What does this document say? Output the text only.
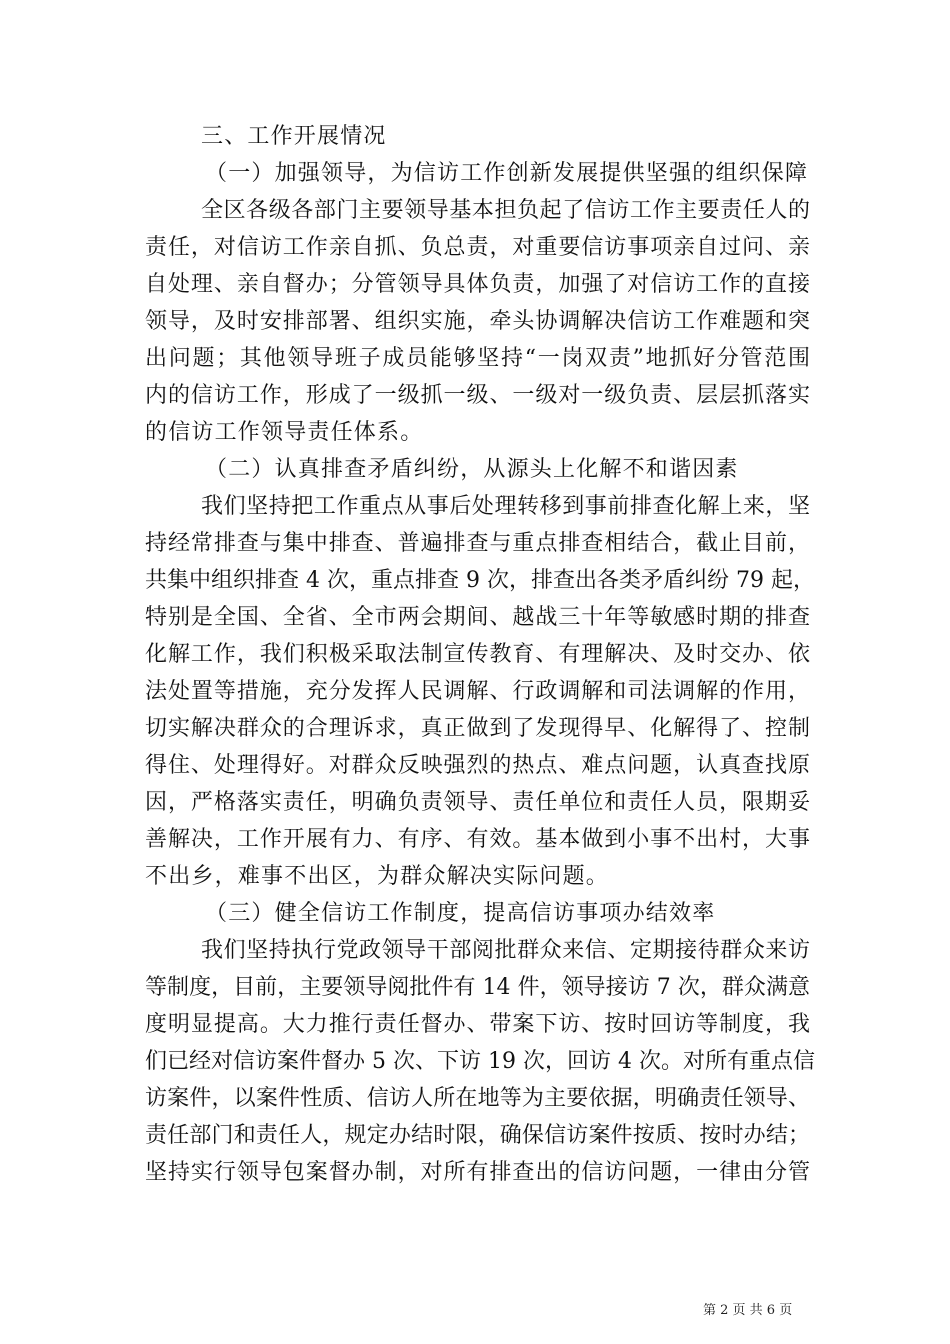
三、工作开展情况
（一）加强领导，为信访工作创新发展提供坚强的组织保障
全区各级各部门主要领导基本担负起了信访工作主要责任人的
责任，对信访工作亲自抓、负总责，对重要信访事项亲自过问、亲
自处理、亲自督办；分管领导具体负责，加强了对信访工作的直接
领导，及时安排部署、组织实施，牵头协调解决信访工作难题和突
出问题；其他领导班子成员能够坚持“一岗双责”地抓好分管范围
内的信访工作，形成了一级抓一级、一级对一级负责、层层抓落实
的信访工作领导责任体系。
（二）认真排查矛盾纠纷，从源头上化解不和谐因素
我们坚持把工作重点从事后处理转移到事前排查化解上来，坚
持经常排查与集中排查、普遍排查与重点排查相结合，截止目前，
共集中组织排查 4 次，重点排查 9 次，排查出各类矛盾纠纷 79 起，
特别是全国、全省、全市两会期间、越战三十年等敏感时期的排查
化解工作，我们积极采取法制宣传教育、有理解决、及时交办、依
法处置等措施，充分发挥人民调解、行政调解和司法调解的作用，
切实解决群众的合理诉求，真正做到了发现得早、化解得了、控制
得住、处理得好。对群众反映强烈的热点、难点问题，认真查找原
因，严格落实责任，明确负责领导、责任单位和责任人员，限期妥
善解决，工作开展有力、有序、有效。基本做到小事不出村，大事
不出乡，难事不出区，为群众解决实际问题。
（三）健全信访工作制度，提高信访事项办结效率
我们坚持执行党政领导干部阅批群众来信、定期接待群众来访
等制度，目前，主要领导阅批件有 14 件，领导接访 7 次，群众满意
度明显提高。大力推行责任督办、带案下访、按时回访等制度，我
们已经对信访案件督办 5 次、下访 19 次，回访 4 次。对所有重点信
访案件，以案件性质、信访人所在地等为主要依据，明确责任领导、
责任部门和责任人，规定办结时限，确保信访案件按质、按时办结；
坚持实行领导包案督办制，对所有排查出的信访问题，一律由分管
第 2 页 共 6 页
